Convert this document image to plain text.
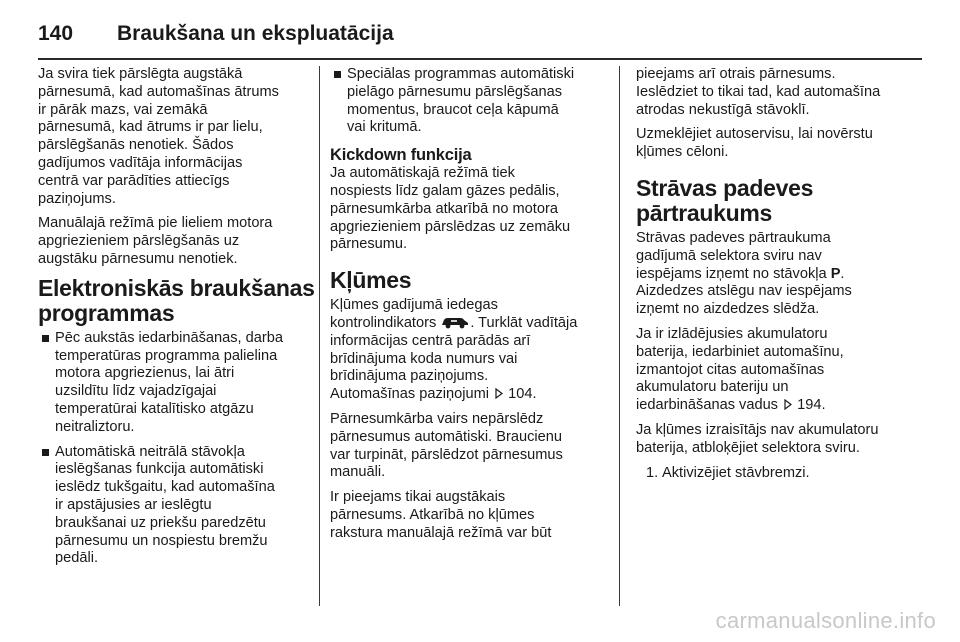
140 Braukšana un ekspluatācija

Ja svira tiek pārslēgta augstākā
pārnesumā, kad automašīnas ātrums
ir pārāk mazs, vai zemākā
pārnesumā, kad ātrums ir par lielu,
pārslēgšanās nenotiek. Šādos
gadījumos vadītāja informācijas
centrā var parādīties attiecīgs
paziņojums.

Manuālajā režīmā pie lieliem motora
apgriezieniem pārslēgšanās uz
augstāku pārnesumu nenotiek.

Elektroniskās braukšanas
programmas
Pēc aukstās iedarbināšanas, darba
temperatūras programma palielina
motora apgriezienus, lai ātri
uzsildītu līdz vajadzīgajai
temperatūrai katalītisko atgāzu
neitraliztoru.
Automātiskā neitrālā stāvokļa
ieslēgšanas funkcija automātiski
ieslēdz tukšgaitu, kad automašīna
ir apstājusies ar ieslēgtu
braukšanai uz priekšu paredzētu
pārnesumu un nospiestu bremžu
pedāli.
Speciālas programmas automātiski
pielāgo pārnesumu pārslēgšanas
momentus, braucot ceļa kāpumā
vai kritumā.
Kickdown funkcija

Ja automātiskajā režīmā tiek
nospiests līdz galam gāzes pedālis,
pārnesumkārba atkarībā no motora
apgriezieniem pārslēdzas uz zemāku
pārnesumu.

Kļūmes

Kļūmes gadījumā iedegas
kontrolindikators . Turklāt vadītāja
informācijas centrā parādās arī
brīdinājuma koda numurs vai
brīdinājuma paziņojums.
Automašīnas paziņojumi 104.

Pārnesumkārba vairs nepārslēdz
pārnesumus automātiski. Braucienu
var turpināt, pārslēdzot pārnesumus
manuāli.

Ir pieejams tikai augstākais
pārnesums. Atkarībā no kļūmes
rakstura manuālajā režīmā var būt

pieejams arī otrais pārnesums.
Ieslēdziet to tikai tad, kad automašīna
atrodas nekustīgā stāvoklī.

Uzmeklējiet autoservisu, lai novērstu
kļūmes cēloni.

Strāvas padeves
pārtraukums

Strāvas padeves pārtraukuma
gadījumā selektora sviru nav
iespējams izņemt no stāvokļa P.
Aizdedzes atslēgu nav iespējams
izņemt no aizdedzes slēdža.

Ja ir izlādējusies akumulatoru
baterija, iedarbiniet automašīnu,
izmantojot citas automašīnas
akumulatoru bateriju un
iedarbināšanas vadus 194.

Ja kļūmes izraisītājs nav akumulatoru
baterija, atbloķējiet selektora sviru.

1. Aktivizējiet stāvbremzi.
carmanualsonline.info
